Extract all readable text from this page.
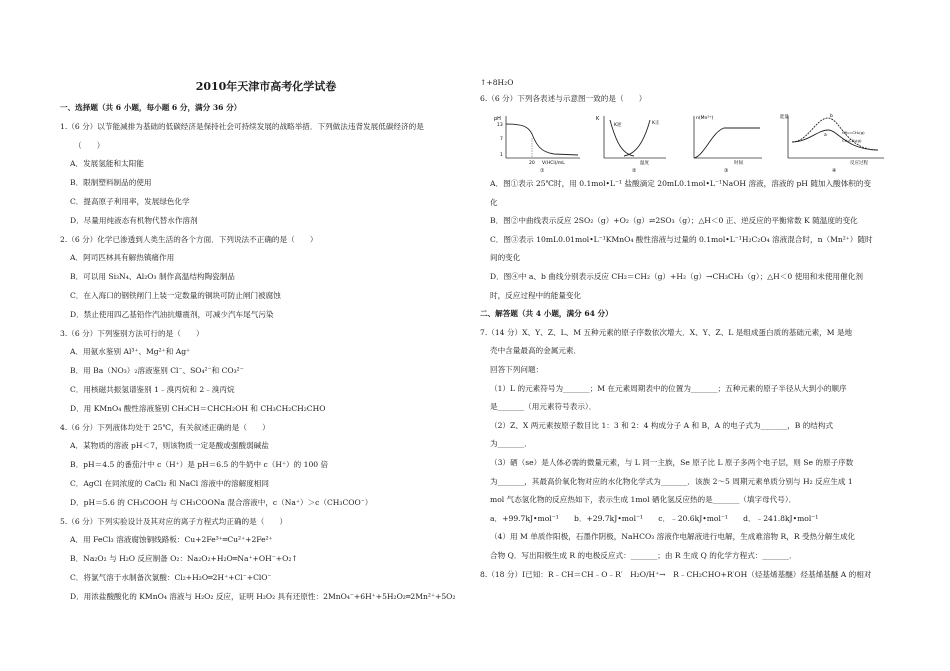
2010年天津市高考化学试卷
一、选择题（共 6 小题，每小题 6 分，满分 36 分）
1.（6 分）以节能减排为基础的低碳经济是保持社会可持续发展的战略举措．下列做法违背发展低碳经济的是
（　　）
A．发展氢能和太阳能
B．限制塑料制品的使用
C．提高原子利用率，发展绿色化学
D．尽量用纯液态有机物代替水作溶剂
2.（6 分）化学已渗透到人类生活的各个方面．下列说法不正确的是（　　）
A．阿司匹林具有解热镇痛作用
B．可以用 Si₃N₄、Al₂O₃ 制作高温结构陶瓷制品
C．在入海口的钢铁闸门上装一定数量的铜块可防止闸门被腐蚀
D．禁止使用四乙基铅作汽油抗爆震剂，可减少汽车尾气污染
3.（6 分）下列鉴别方法可行的是（　　）
A．用氨水鉴别 Al³⁺、Mg²⁺和 Ag⁺
B．用 Ba（NO₃）₂溶液鉴别 Cl⁻、SO₄²⁻和 CO₃²⁻
C．用核磁共振氢谱鉴别 1﹣溴丙烷和 2﹣溴丙烷
D．用 KMnO₄ 酸性溶液鉴别 CH₃CH＝CHCH₂OH 和 CH₃CH₂CH₂CHO
4.（6 分）下列液体均处于 25℃，有关叙述正确的是（　　）
A．某物质的溶液 pH＜7，则该物质一定是酸或强酸弱碱盐
B．pH＝4.5 的番茄汁中 c（H⁺）是 pH＝6.5 的牛奶中 c（H⁺）的 100 倍
C．AgCl 在同浓度的 CaCl₂ 和 NaCl 溶液中的溶解度相同
D．pH＝5.6 的 CH₃COOH 与 CH₃COONa 混合溶液中，c（Na⁺）＞c（CH₃COO⁻）
5.（6 分）下列实验设计及其对应的离子方程式均正确的是（　　）
A．用 FeCl₃ 溶液腐蚀铜线路板：Cu+2Fe³⁺═Cu²⁺+2Fe²⁺
B．Na₂O₂ 与 H₂O 反应制备 O₂：Na₂O₂+H₂O═Na⁺+OH⁻+O₂↑
C．将氯气溶于水制备次氯酸：Cl₂+H₂O═2H⁺+Cl⁻+ClO⁻
D．用浓盐酸酸化的 KMnO₄ 溶液与 H₂O₂ 反应，证明 H₂O₂ 具有还原性：2MnO₄⁻+6H⁺+5H₂O₂═2Mn²⁺+5O₂
↑+8H₂O
6.（6 分）下列各表述与示意图一致的是（　　）
A．图①表示 25℃时，用 0.1mol•L⁻¹ 盐酸滴定 20mL0.1mol•L⁻¹NaOH 溶液，溶液的 pH 随加入酸体积的变
化
B．图②中曲线表示反应 2SO₂（g）+O₂（g）⇌2SO₃（g）；△H＜0 正、逆反应的平衡常数 K 随温度的变化
C．图③表示 10mL0.01mol•L⁻¹KMnO₄ 酸性溶液与过量的 0.1mol•L⁻¹H₂C₂O₄ 溶液混合时，n（Mn²⁺）随时
间的变化
D．图④中 a、b 曲线分别表示反应 CH₂＝CH₂（g）+H₂（g）→CH₃CH₃（g）；△H＜0 使用和未使用催化剂
时，反应过程中的能量变化
二、解答题（共 4 小题，满分 64 分）
7.（14 分）X、Y、Z、L、M 五种元素的原子序数依次增大．X、Y、Z、L 是组成蛋白质的基础元素，M 是地
壳中含量最高的金属元素．
回答下列问题：
（1）L 的元素符号为_______；M 在元素周期表中的位置为_______；五种元素的原子半径从大到小的顺序
是_______（用元素符号表示）．
（2）Z、X 两元素按原子数目比 1：3 和 2：4 构成分子 A 和 B，A 的电子式为_______，B 的结构式
为_______．
（3）硒（se）是人体必需的微量元素，与 L 同一主族，Se 原子比 L 原子多两个电子层，则 Se 的原子序数
为_______，其最高价氧化物对应的水化物化学式为_______．该族 2～5 周期元素单质分别与 H₂ 反应生成 1
mol 气态氢化物的反应热如下，表示生成 1mol 硒化氢反应热的是_______（填字母代号）．
a．+99.7kJ•mol⁻¹　　b．+29.7kJ•mol⁻¹　　c．﹣20.6kJ•mol⁻¹　　d．﹣241.8kJ•mol⁻¹
（4）用 M 单质作阳极，石墨作阴极，NaHCO₃ 溶液作电解液进行电解，生成难溶物 R，R 受热分解生成化
合物 Q．写出阳极生成 R 的电极反应式：_______；由 R 生成 Q 的化学方程式：_______．
8.（18 分）Ⅰ已知：R﹣CH＝CH﹣O﹣R′　H₂O/H⁺→　R﹣CH₂CHO+R′OH（烃基烯基醚）烃基烯基醚 A 的相对
pH
13
7
1
20 V(HCl)/mL
①
K
K逆	K正
温度
②
n(Mn²⁺)
时间
③
能量
a
b
CH₂=CH₂(g)
CH₃CH₃(g)
反应过程
④
